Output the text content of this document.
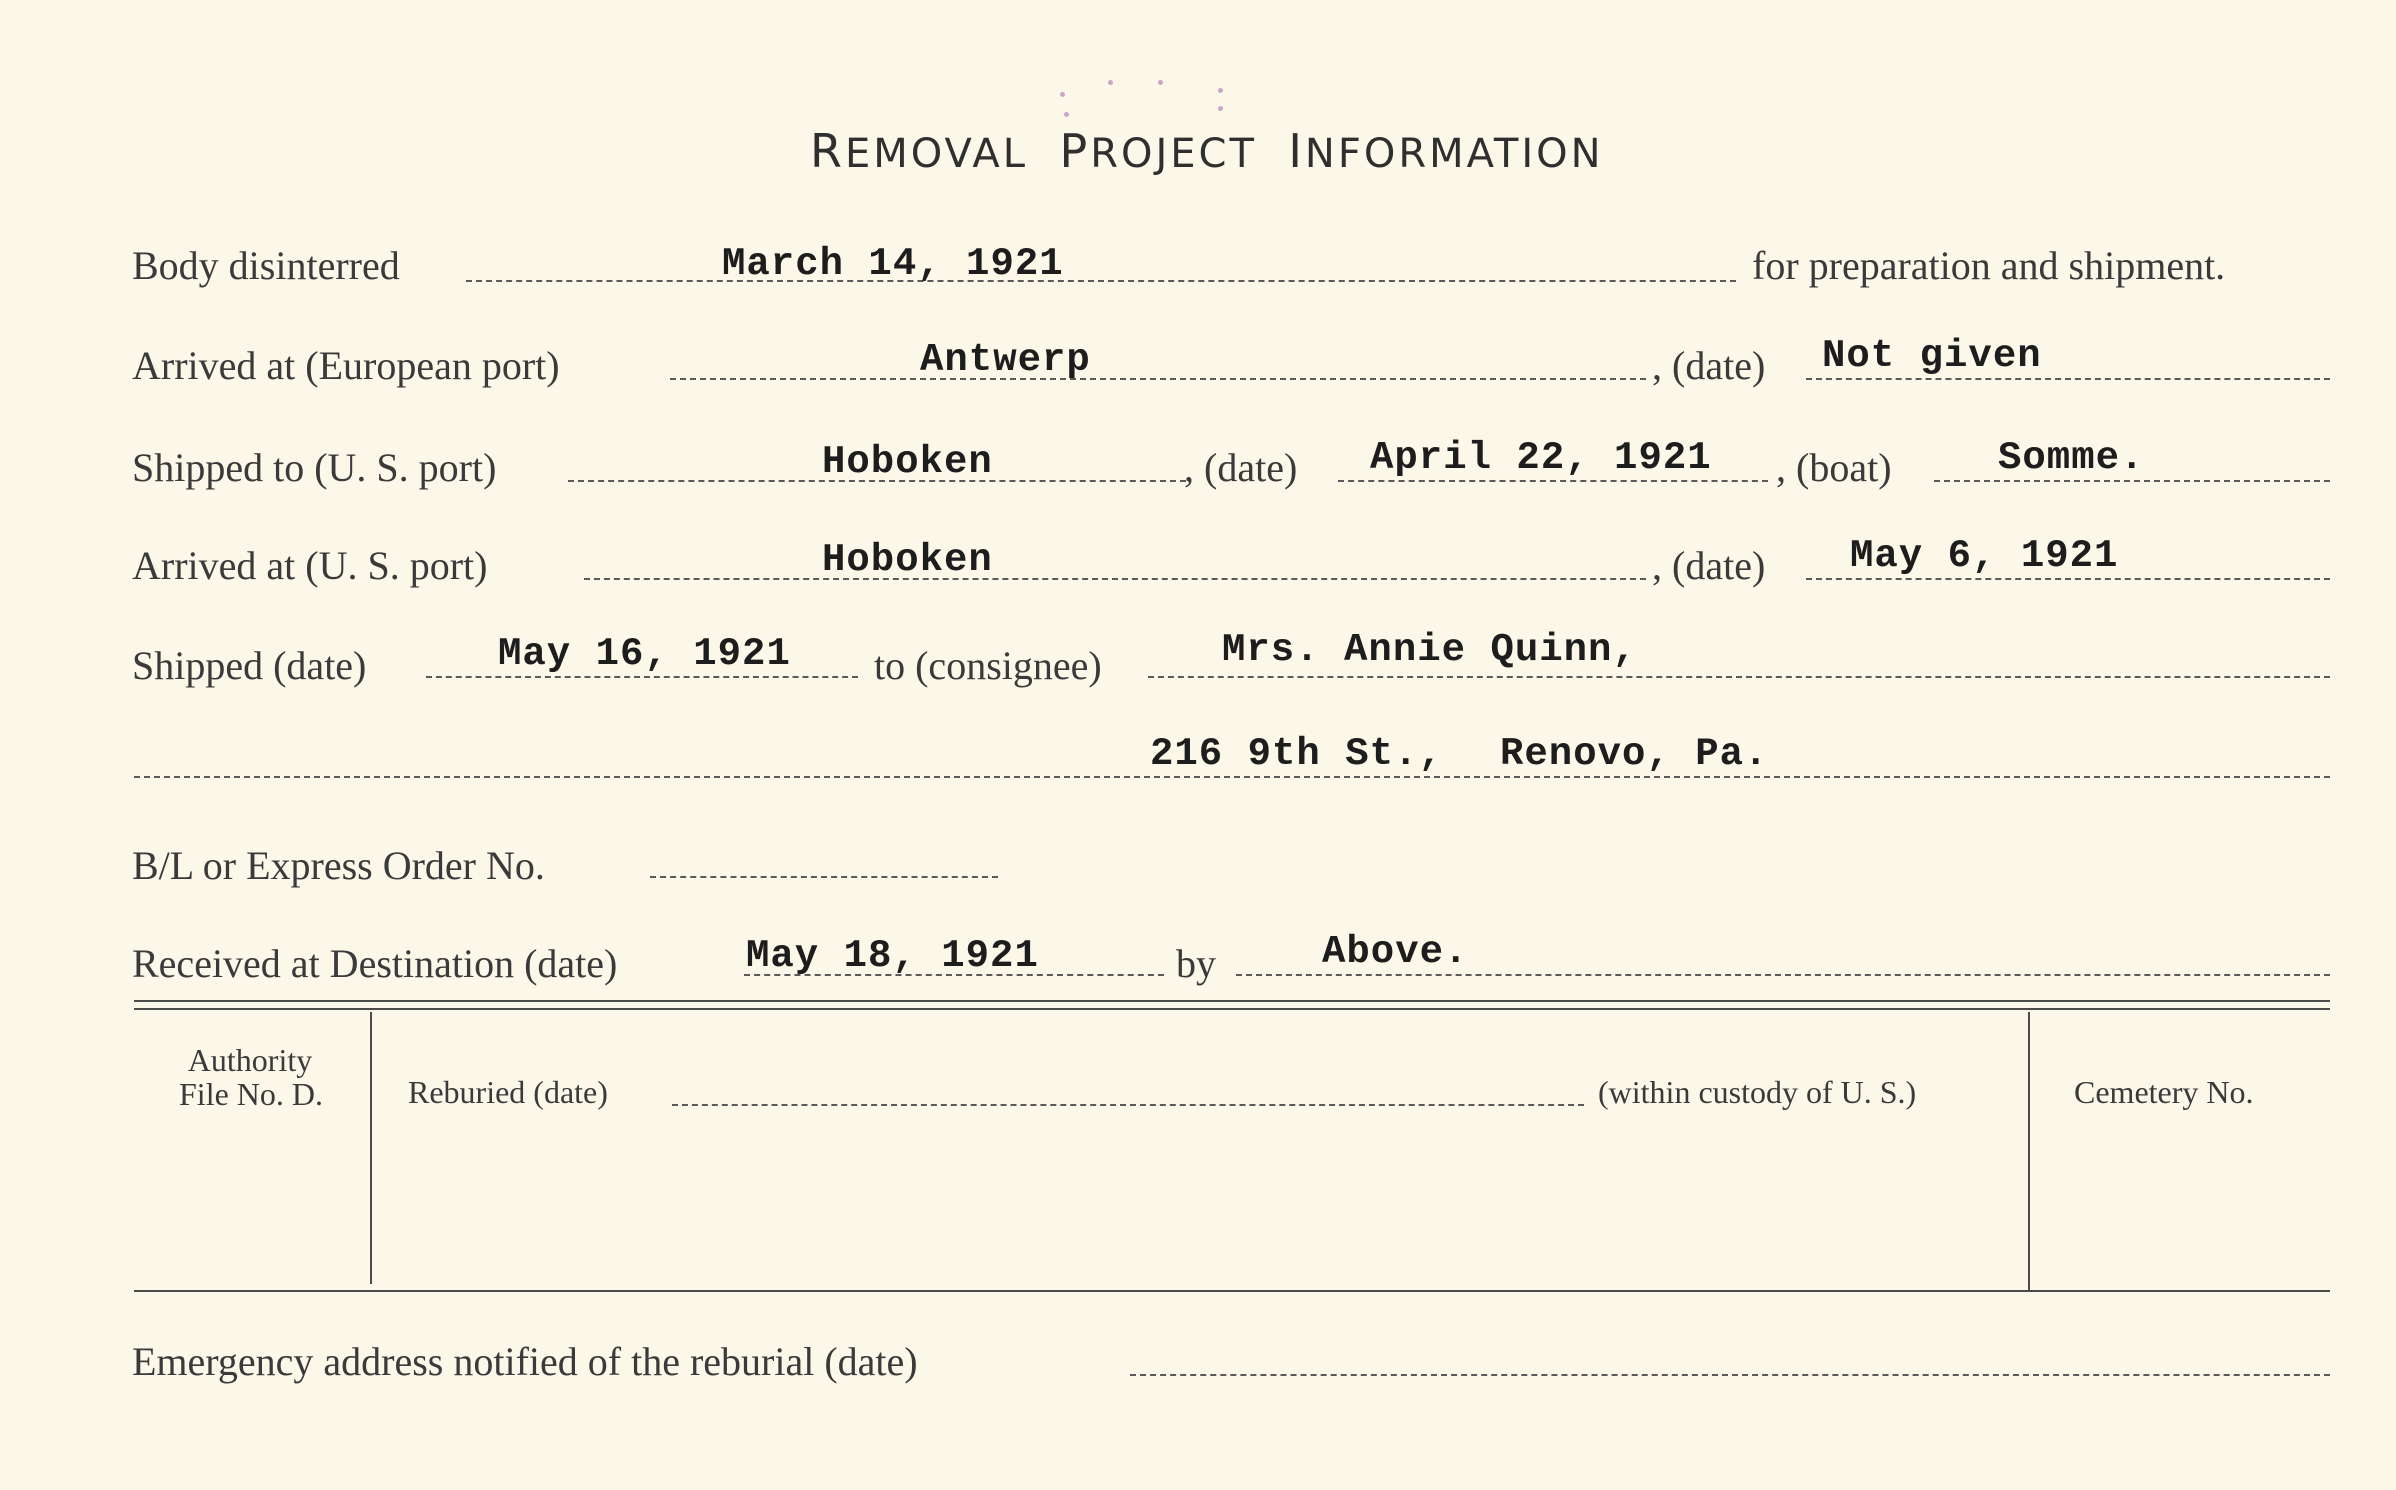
REMOVAL PROJECT INFORMATION
Body disinterred	March 14, 1921	for preparation and shipment.
Arrived at (European port)	Antwerp	, (date) Not given
Shipped to (U. S. port)	Hoboken	, (date) April 22, 1921 , (boat)	Somme.
Arrived at (U. S. port)	Hoboken	, (date) May 6, 1921
Shipped (date)	May 16, 1921 to (consignee)	Mrs. Annie Quinn,
216 9th St., Renovo, Pa.
B/L or Express Order No.
Received at Destination (date)	May 18, 1921	by	Above.
Authority
File No. D.	Reburied (date)	(within custody of U. S.)	Cemetery No.
Emergency address notified of the reburial (date)
